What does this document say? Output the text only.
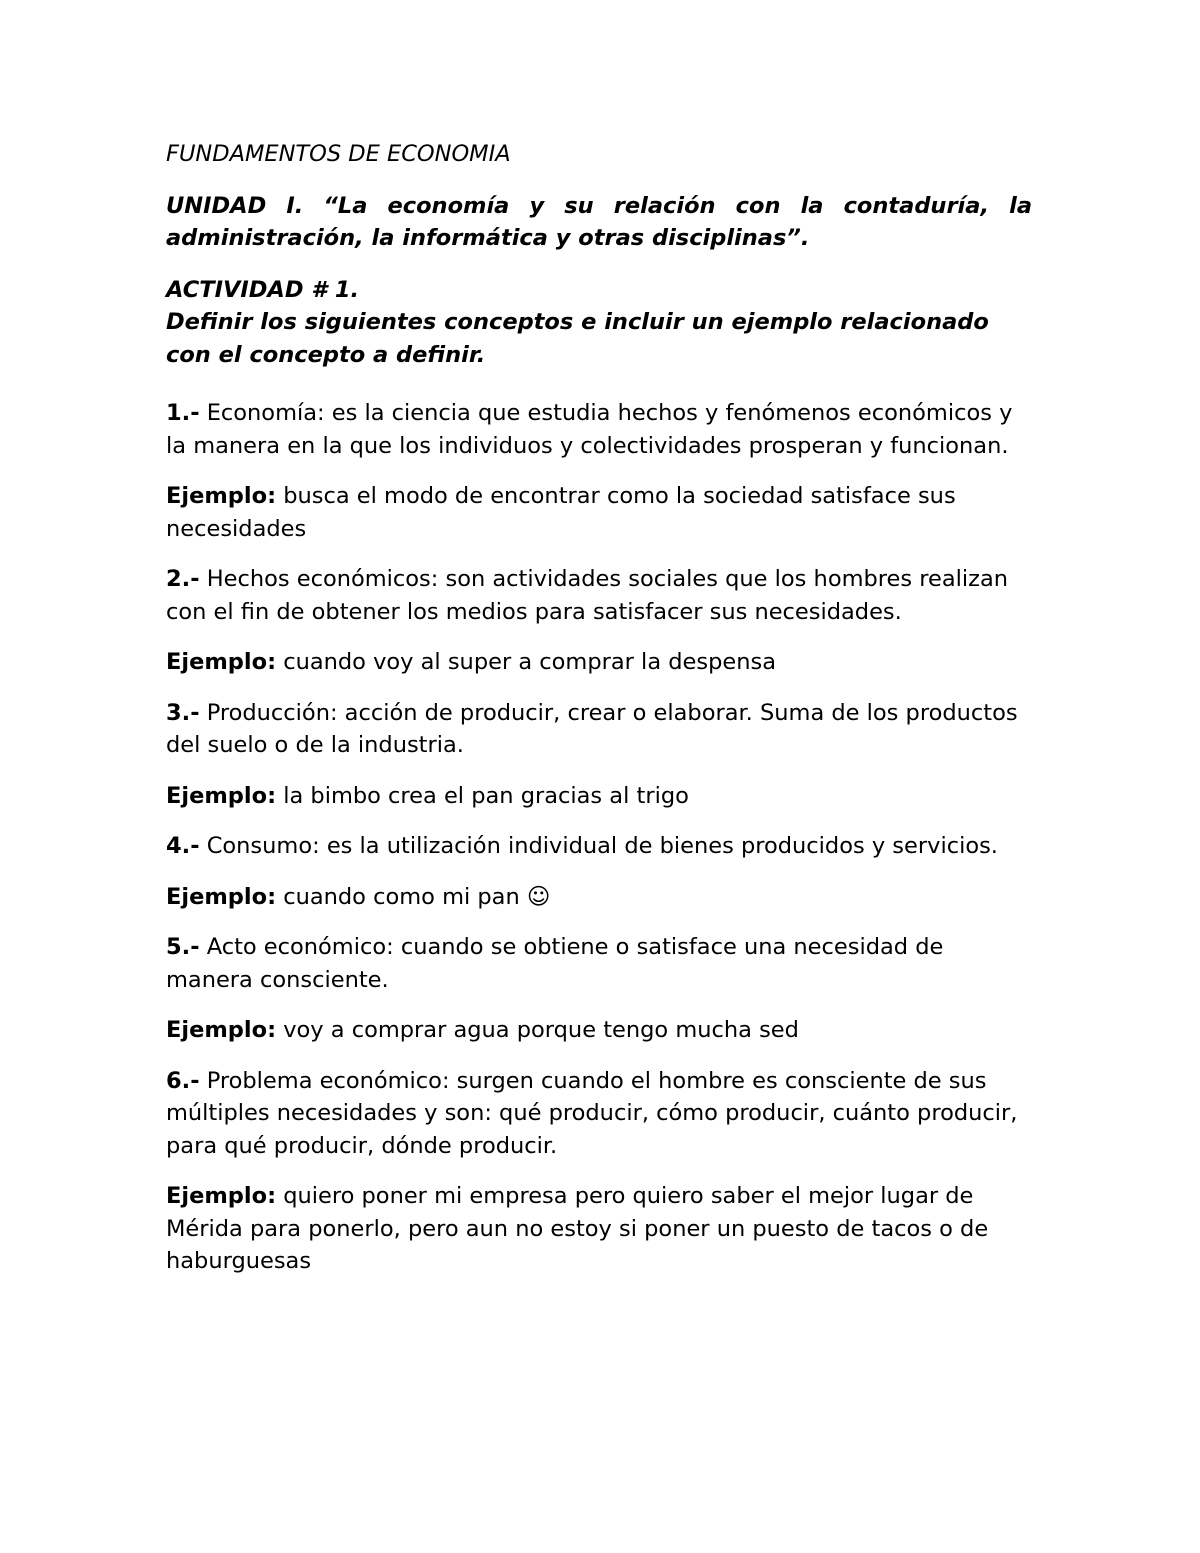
FUNDAMENTOS DE ECONOMIA

UNIDAD I. “La economía y su relación con la contaduría, la administración, la informática y otras disciplinas”.

ACTIVIDAD # 1.

Definir los siguientes conceptos e incluir un ejemplo relacionado con el concepto a definir.

1.- Economía: es la ciencia que estudia hechos y fenómenos económicos y la manera en la que los individuos y colectividades prosperan y funcionan.

Ejemplo: busca el modo de encontrar como la sociedad satisface sus necesidades

2.- Hechos económicos: son actividades sociales que los hombres realizan con el fin de obtener los medios para satisfacer sus necesidades.

Ejemplo: cuando voy al super a comprar la despensa

3.- Producción: acción de producir, crear o elaborar. Suma de los productos del suelo o de la industria.

Ejemplo: la bimbo crea el pan gracias al trigo

4.- Consumo: es la utilización individual de bienes producidos y servicios.

Ejemplo: cuando como mi pan ☺

5.- Acto económico: cuando se obtiene o satisface una necesidad de manera consciente.

Ejemplo: voy a comprar agua porque tengo mucha sed

6.- Problema económico: surgen cuando el hombre es consciente de sus múltiples necesidades y son: qué producir, cómo producir, cuánto producir, para qué producir, dónde producir.

Ejemplo: quiero poner mi empresa pero quiero saber el mejor lugar de Mérida para ponerlo, pero aun no estoy si poner un puesto de tacos o de haburguesas
